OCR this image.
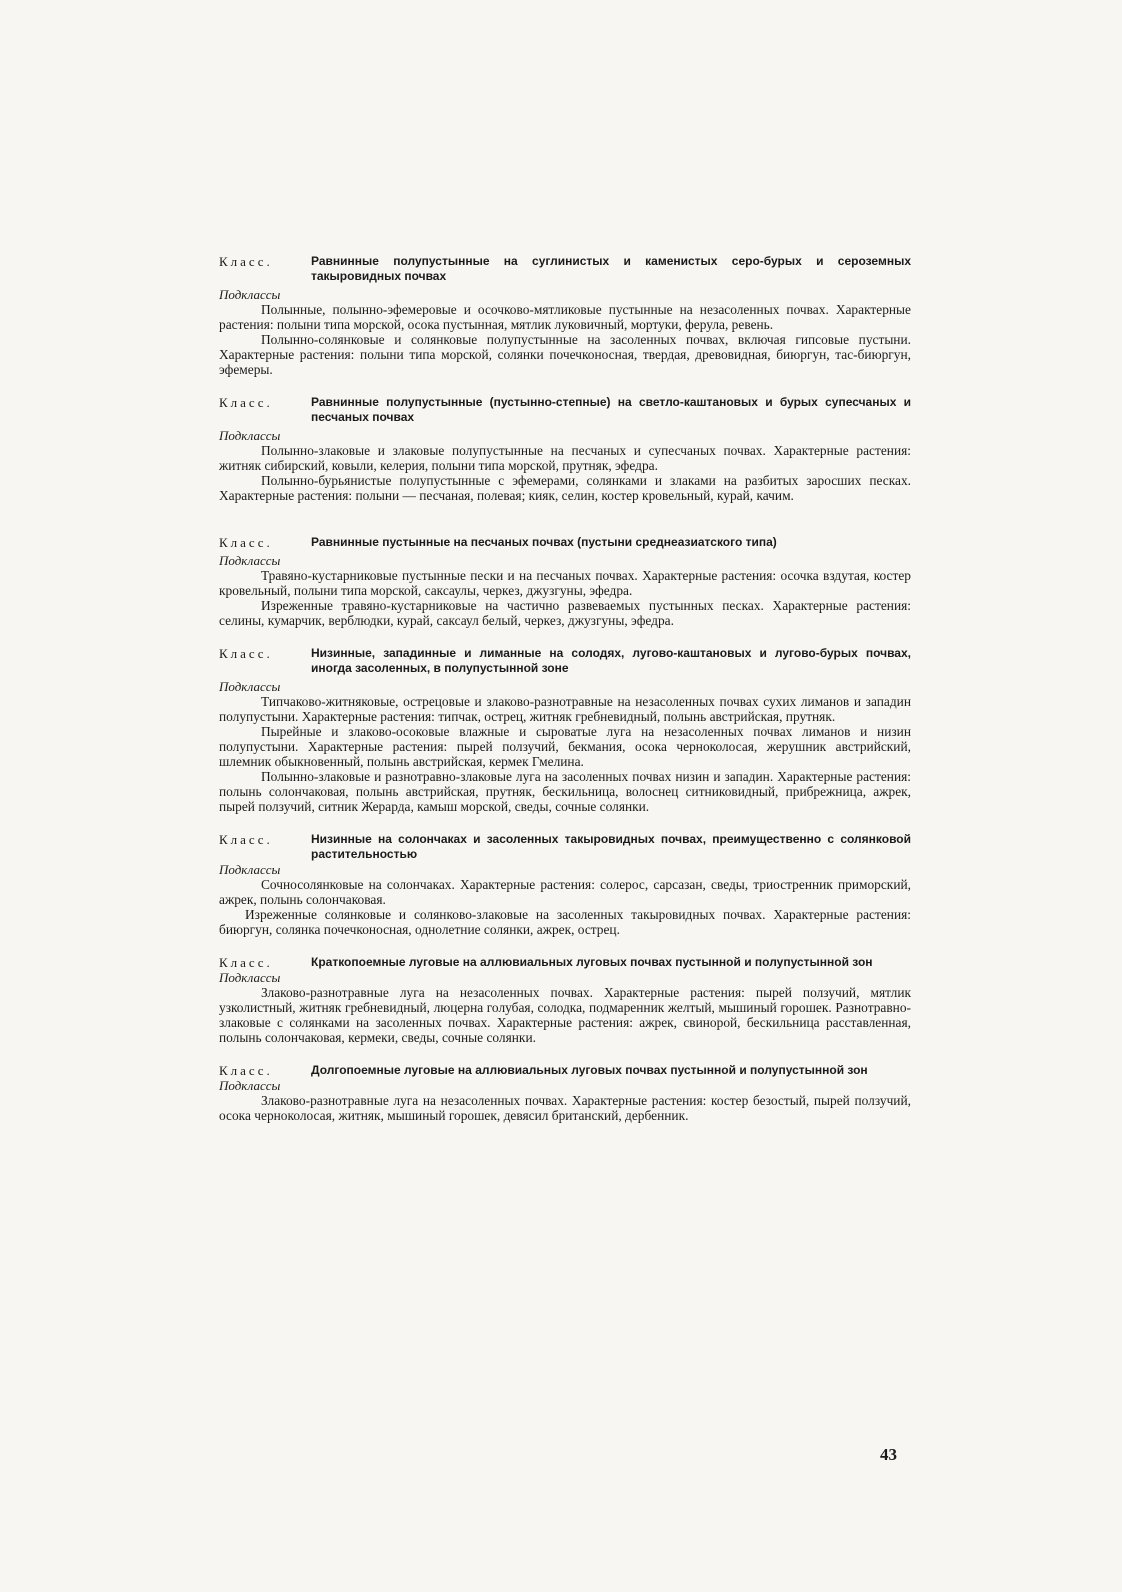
Класс.	Равнинные полупустынные на суглинистых и каменистых серо-бурых и сероземных такыровидных почвах
Подклассы

Полынные, полынно-эфемеровые и осочково-мятликовые пустынные на незасоленных почвах. Характерные растения: полыни типа морской, осока пустынная, мятлик луковичный, мортуки, ферула, ревень.

Полынно-солянковые и солянковые полупустынные на засоленных почвах, включая гипсовые пустыни. Характерные растения: полыни типа морской, солянки почечконосная, твердая, древовидная, биюргун, тас-биюргун, эфемеры.

Класс.	Равнинные полупустынные (пустынно-степные) на светло-каштановых и бурых супесчаных и песчаных почвах
Подклассы

Полынно-злаковые и злаковые полупустынные на песчаных и супесчаных почвах. Характерные растения: житняк сибирский, ковыли, келерия, полыни типа морской, прутняк, эфедра.

Полынно-бурьянистые полупустынные с эфемерами, солянками и злаками на разбитых заросших песках. Характерные растения: полыни — песчаная, полевая; кияк, селин, костер кровельный, курай, качим.

Класс.	Равнинные пустынные на песчаных почвах (пустыни среднеазиатского типа)
Подклассы

Травяно-кустарниковые пустынные пески и на песчаных почвах. Характерные растения: осочка вздутая, костер кровельный, полыни типа морской, саксаулы, черкез, джузгуны, эфедра.

Изреженные травяно-кустарниковые на частично развеваемых пустынных песках. Характерные растения: селины, кумарчик, верблюдки, курай, саксаул белый, черкез, джузгуны, эфедра.

Класс.	Низинные, западинные и лиманные на солодях, лугово-каштановых и лугово-бурых почвах, иногда засоленных, в полупустынной зоне
Подклассы

Типчаково-житняковые, острецовые и злаково-разнотравные на незасоленных почвах сухих лиманов и западин полупустыни. Характерные растения: типчак, острец, житняк гребневидный, полынь австрийская, прутняк.

Пырейные и злаково-осоковые влажные и сыроватые луга на незасоленных почвах лиманов и низин полупустыни. Характерные растения: пырей ползучий, бекмания, осока черноколосая, жерушник австрийский, шлемник обыкновенный, полынь австрийская, кермек Гмелина.

Полынно-злаковые и разнотравно-злаковые луга на засоленных почвах низин и западин. Характерные растения: полынь солончаковая, полынь австрийская, прутняк, бескильница, волоснец ситниковидный, прибрежница, ажрек, пырей ползучий, ситник Жерарда, камыш морской, сведы, сочные солянки.

Класс.	Низинные на солончаках и засоленных такыровидных почвах, преимущественно с солянковой растительностью
Подклассы

Сочносолянковые на солончаках. Характерные растения: солерос, сарсазан, сведы, триостренник приморский, ажрек, полынь солончаковая.

Изреженные солянковые и солянково-злаковые на засоленных такыровидных почвах. Характерные растения: биюргун, солянка почечконосная, однолетние солянки, ажрек, острец.

Класс.	Краткопоемные луговые на аллювиальных луговых почвах пустынной и полупустынной зон
Подклассы

Злаково-разнотравные луга на незасоленных почвах. Характерные растения: пырей ползучий, мятлик узколистный, житняк гребневидный, люцерна голубая, солодка, подмаренник желтый, мышиный горошек. Разнотравно-злаковые с солянками на засоленных почвах. Характерные растения: ажрек, свинорой, бескильница расставленная, полынь солончаковая, кермеки, сведы, сочные солянки.

Класс.	Долгопоемные луговые на аллювиальных луговых почвах пустынной и полупустынной зон
Подклассы

Злаково-разнотравные луга на незасоленных почвах. Характерные растения: костер безостый, пырей ползучий, осока черноколосая, житняк, мышиный горошек, девясил британский, дербенник.

43
